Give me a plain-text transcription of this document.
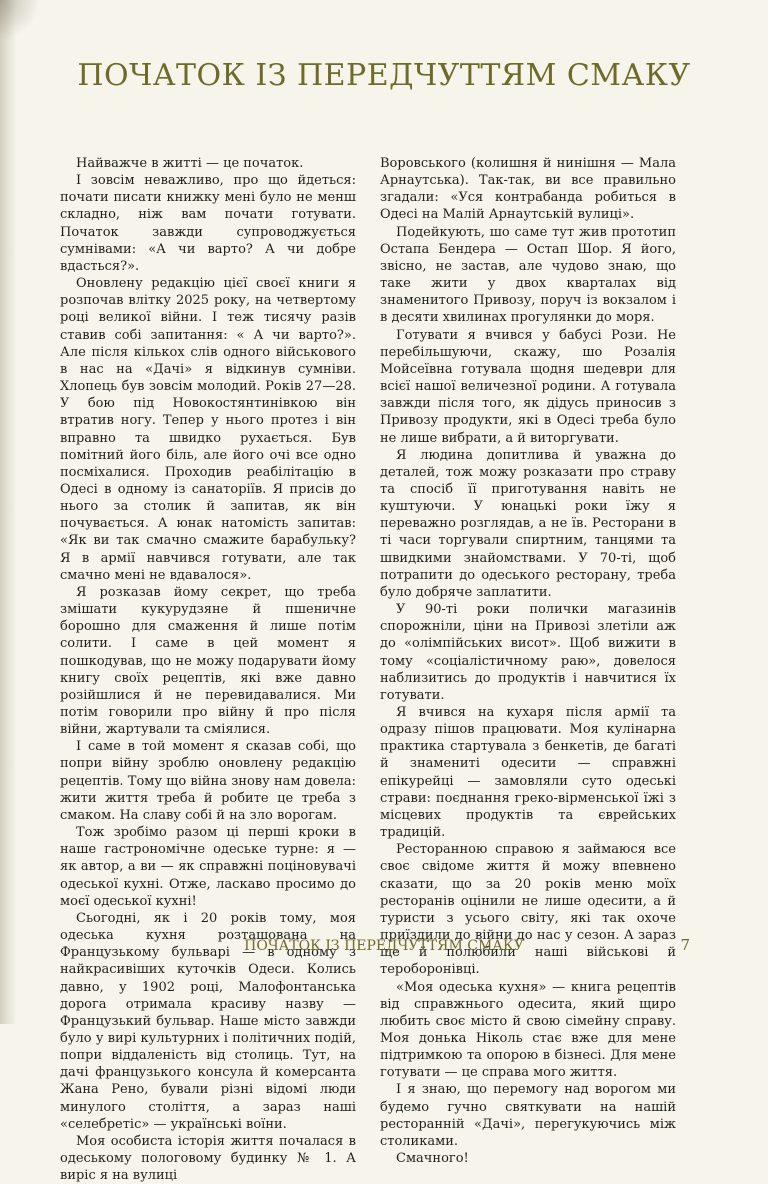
ПОЧАТОК ІЗ ПЕРЕДЧУТТЯМ СМАКУ

Найважче в житті — це початок.

І зовсім неважливо, про що йдеться: почати писати книжку мені було не менш складно, ніж вам почати готувати. Початок завжди супроводжується сумнівами: «А чи варто? А чи добре вдасться?».

Оновлену редакцію цієї своєї книги я розпочав влітку 2025 року, на четвертому році великої війни. І теж тисячу разів ставив собі запитання: « А чи варто?». Але після кількох слів одного військового в нас на «Дачі» я відкинув сумніви. Хлопець був зовсім молодий. Років 27—28. У бою під Новокостянтинівкою він втратив ногу. Тепер у нього протез і він вправно та швидко рухається. Був помітний його біль, але його очі все одно посміхалися. Проходив реабілітацію в Одесі в одному із санаторіїв. Я присів до нього за столик й запитав, як він почувається. А юнак натомість запитав: «Як ви так смачно смажите барабульку? Я в армії навчився готувати, але так смачно мені не вдавалося».

Я розказав йому секрет, що треба змішати кукурудзяне й пшеничне борошно для смаження й лише потім солити. І саме в цей момент я пошкодував, що не можу подарувати йому книгу своїх рецептів, які вже давно розійшлися й не перевидавалися. Ми потім говорили про війну й про після війни, жартували та сміялися.

І саме в той момент я сказав собі, що попри війну зроблю оновлену редакцію рецептів. Тому що війна знову нам довела: жити життя треба й робите це треба з смаком. На славу собі й на зло ворогам.

Тож зробімо разом ці перші кроки в наше гастрономічне одеське турне: я — як автор, а ви — як справжні поціновувачі одеської кухні. Отже, ласкаво просимо до моєї одеської кухні!

Сьогодні, як і 20 років тому, моя одеська кухня розташована на Французькому бульварі — в одному з найкрасивіших куточків Одеси. Колись давно, у 1902 році, Малофонтанська дорога отримала красиву назву — Французький бульвар. Наше місто завжди було у вирі культурних і політичних подій, попри віддаленість від столиць. Тут, на дачі французького консула й комерсанта Жана Рено, бували різні відомі люди минулого століття, а зараз наші «селебретіс» — українські воїни.

Моя особиста історія життя почалася в одеському пологовому будинку № 1. А виріс я на вулиці

Воровського (колишня й нинішня — Мала Арнаутська). Так-так, ви все правильно згадали: «Уся контрабанда робиться в Одесі на Малій Арнаутській вулиці».

Подейкують, шо саме тут жив прототип Остапа Бендера — Остап Шор. Я його, звісно, не застав, але чудово знаю, що таке жити у двох кварталах від знаменитого Привозу, поруч із вокзалом і в десяти хвилинах прогулянки до моря.

Готувати я вчився у бабусі Рози. Не перебільшуючи, скажу, шо Розалія Мойсеївна готувала щодня шедеври для всієї нашої величезної родини. А готувала завжди після того, як дідусь приносив з Привозу продукти, які в Одесі треба було не лише вибрати, а й виторгувати.

Я людина допитлива й уважна до деталей, тож можу розказати про страву та спосіб її приготування навіть не куштуючи. У юнацькі роки їжу я переважно розглядав, а не їв. Ресторани в ті часи торгували спиртним, танцями та швидкими знайомствами. У 70-ті, щоб потрапити до одеського ресторану, треба було добряче заплатити.

У 90-ті роки полички магазинів спорожніли, ціни на Привозі злетіли аж до «олімпійських висот». Щоб вижити в тому «соціалістичному раю», довелося наблизитись до продуктів і навчитися їх готувати.

Я вчився на кухаря після армії та одразу пішов працювати. Моя кулінарна практика стартувала з бенкетів, де багаті й знамениті одесити — справжні епікурейці — замовляли суто одеські страви: поєднання греко-вірменської їжі з місцевих продуктів та єврейських традицій.

Ресторанною справою я займаюся все своє свідоме життя й можу впевнено сказати, що за 20 років меню моїх ресторанів оцінили не лише одесити, а й туристи з усього світу, які так охоче приїздили до війни до нас у сезон. А зараз ще й полюбили наші військові й тероборонівці.

«Моя одеська кухня» — книга рецептів від справжнього одесита, який щиро любить своє місто й свою сімейну справу. Моя донька Ніколь стає вже для мене підтримкою та опорою в бізнесі. Для мене готувати — це справа мого життя.

І я знаю, що перемогу над ворогом ми будемо гучно святкувати на нашій ресторанній «Дачі», перегукуючись між столиками.

Смачного!

ПОЧАТОК ІЗ ПЕРЕДЧУТТЯМ СМАКУ	7
